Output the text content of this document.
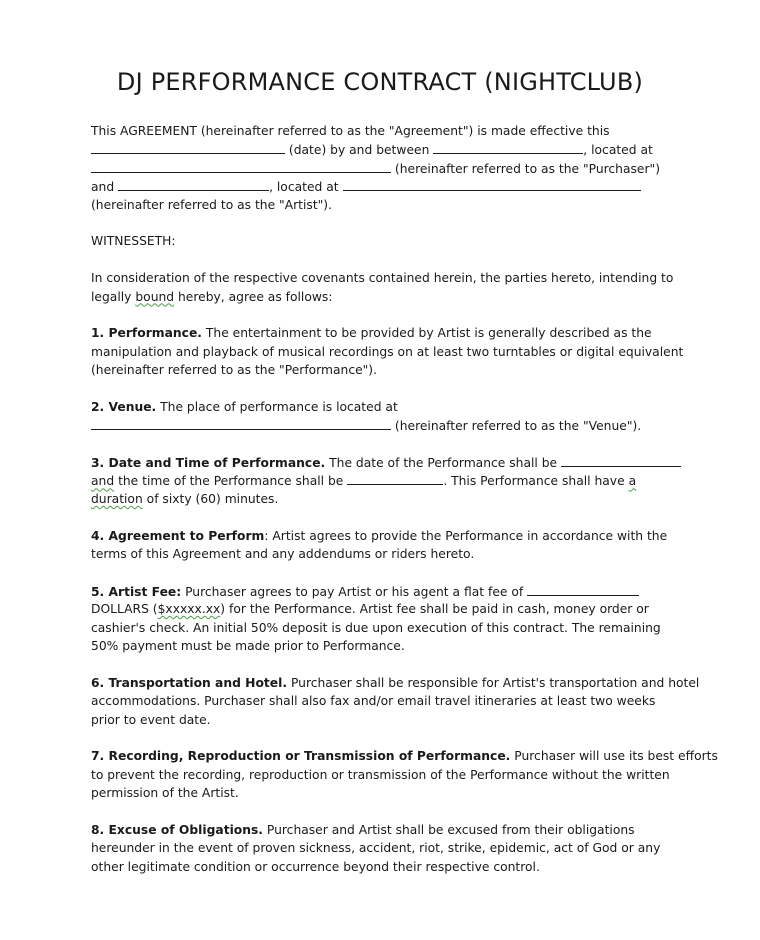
DJ PERFORMANCE CONTRACT (NIGHTCLUB)
This AGREEMENT (hereinafter referred to as the "Agreement") is made effective this
(date) by and between	, located at
(hereinafter referred to as the "Purchaser")
and	, located at
(hereinafter referred to as the "Artist").
WITNESSETH:
In consideration of the respective covenants contained herein, the parties hereto, intending to
legally bound hereby, agree as follows:
1. Performance. The entertainment to be provided by Artist is generally described as the
manipulation and playback of musical recordings on at least two turntables or digital equivalent
(hereinafter referred to as the "Performance").
2. Venue. The place of performance is located at
(hereinafter referred to as the "Venue").
3. Date and Time of Performance. The date of the Performance shall be
and the time of the Performance shall be	. This Performance shall have a
duration of sixty (60) minutes.
4. Agreement to Perform: Artist agrees to provide the Performance in accordance with the
terms of this Agreement and any addendums or riders hereto.
5. Artist Fee: Purchaser agrees to pay Artist or his agent a flat fee of
DOLLARS ($xxxxx.xx) for the Performance. Artist fee shall be paid in cash, money order or
cashier's check. An initial 50% deposit is due upon execution of this contract. The remaining
50% payment must be made prior to Performance.
6. Transportation and Hotel. Purchaser shall be responsible for Artist's transportation and hotel
accommodations. Purchaser shall also fax and/or email travel itineraries at least two weeks
prior to event date.
7. Recording, Reproduction or Transmission of Performance. Purchaser will use its best efforts
to prevent the recording, reproduction or transmission of the Performance without the written
permission of the Artist.
8. Excuse of Obligations. Purchaser and Artist shall be excused from their obligations
hereunder in the event of proven sickness, accident, riot, strike, epidemic, act of God or any
other legitimate condition or occurrence beyond their respective control.
